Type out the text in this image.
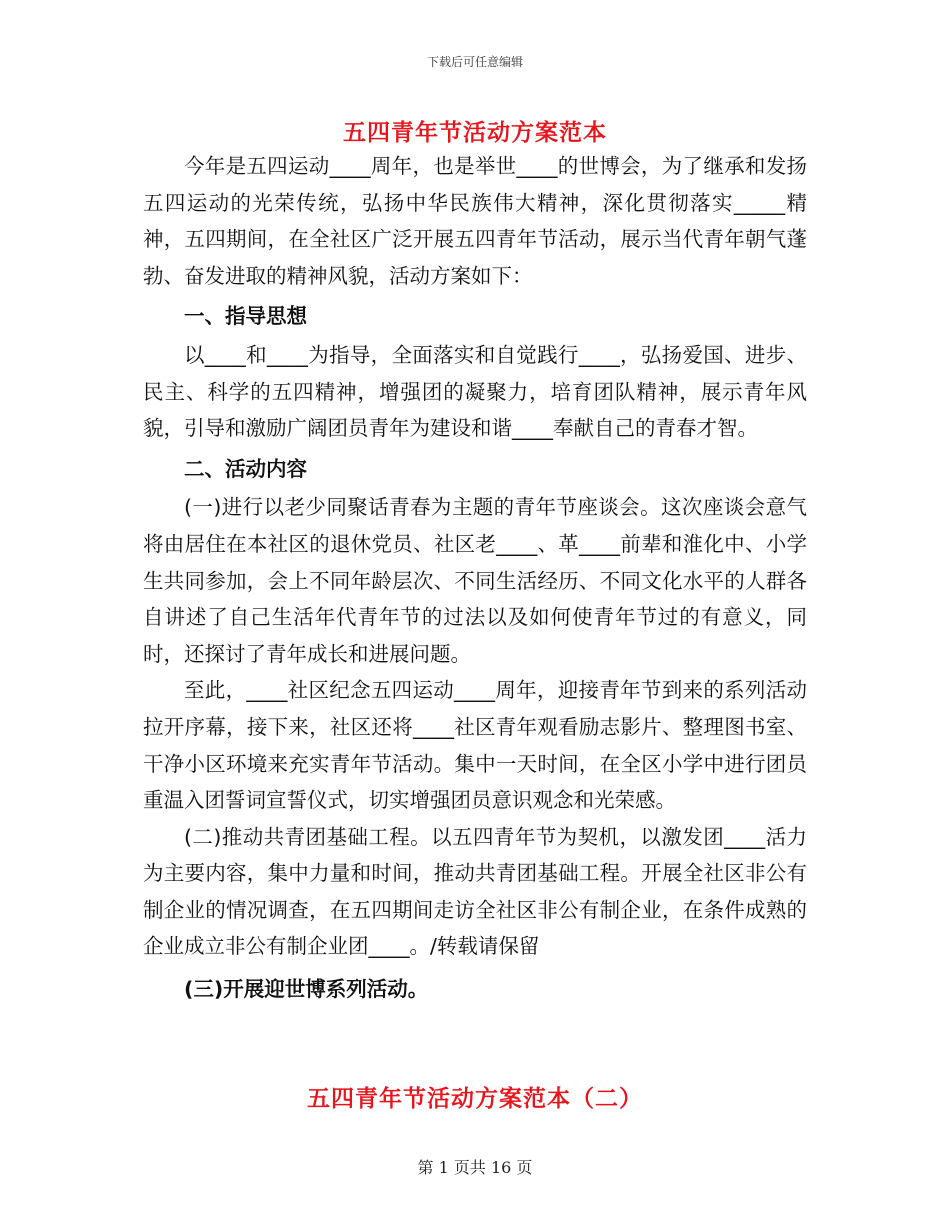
下载后可任意编辑
五四青年节活动方案范本

今年是五四运动____周年，也是举世____的世博会，为了继承和发扬五四运动的光荣传统，弘扬中华民族伟大精神，深化贯彻落实_____精神，五四期间，在全社区广泛开展五四青年节活动，展示当代青年朝气蓬勃、奋发进取的精神风貌，活动方案如下：

一、指导思想

以____和____为指导，全面落实和自觉践行____，弘扬爱国、进步、民主、科学的五四精神，增强团的凝聚力，培育团队精神，展示青年风貌，引导和激励广阔团员青年为建设和谐____奉献自己的青春才智。

二、活动内容

(一)进行以老少同聚话青春为主题的青年节座谈会。这次座谈会意气将由居住在本社区的退休党员、社区老____、革____前辈和淮化中、小学生共同参加，会上不同年龄层次、不同生活经历、不同文化水平的人群各自讲述了自己生活年代青年节的过法以及如何使青年节过的有意义，同时，还探讨了青年成长和进展问题。

至此，____社区纪念五四运动____周年，迎接青年节到来的系列活动拉开序幕，接下来，社区还将____社区青年观看励志影片、整理图书室、干净小区环境来充实青年节活动。集中一天时间，在全区小学中进行团员重温入团誓词宣誓仪式，切实增强团员意识观念和光荣感。

(二)推动共青团基础工程。以五四青年节为契机，以激发团____活力为主要内容，集中力量和时间，推动共青团基础工程。开展全社区非公有制企业的情况调查，在五四期间走访全社区非公有制企业，在条件成熟的企业成立非公有制企业团____。/转载请保留

(三)开展迎世博系列活动。

五四青年节活动方案范本（二）
第 1 页共 16 页
